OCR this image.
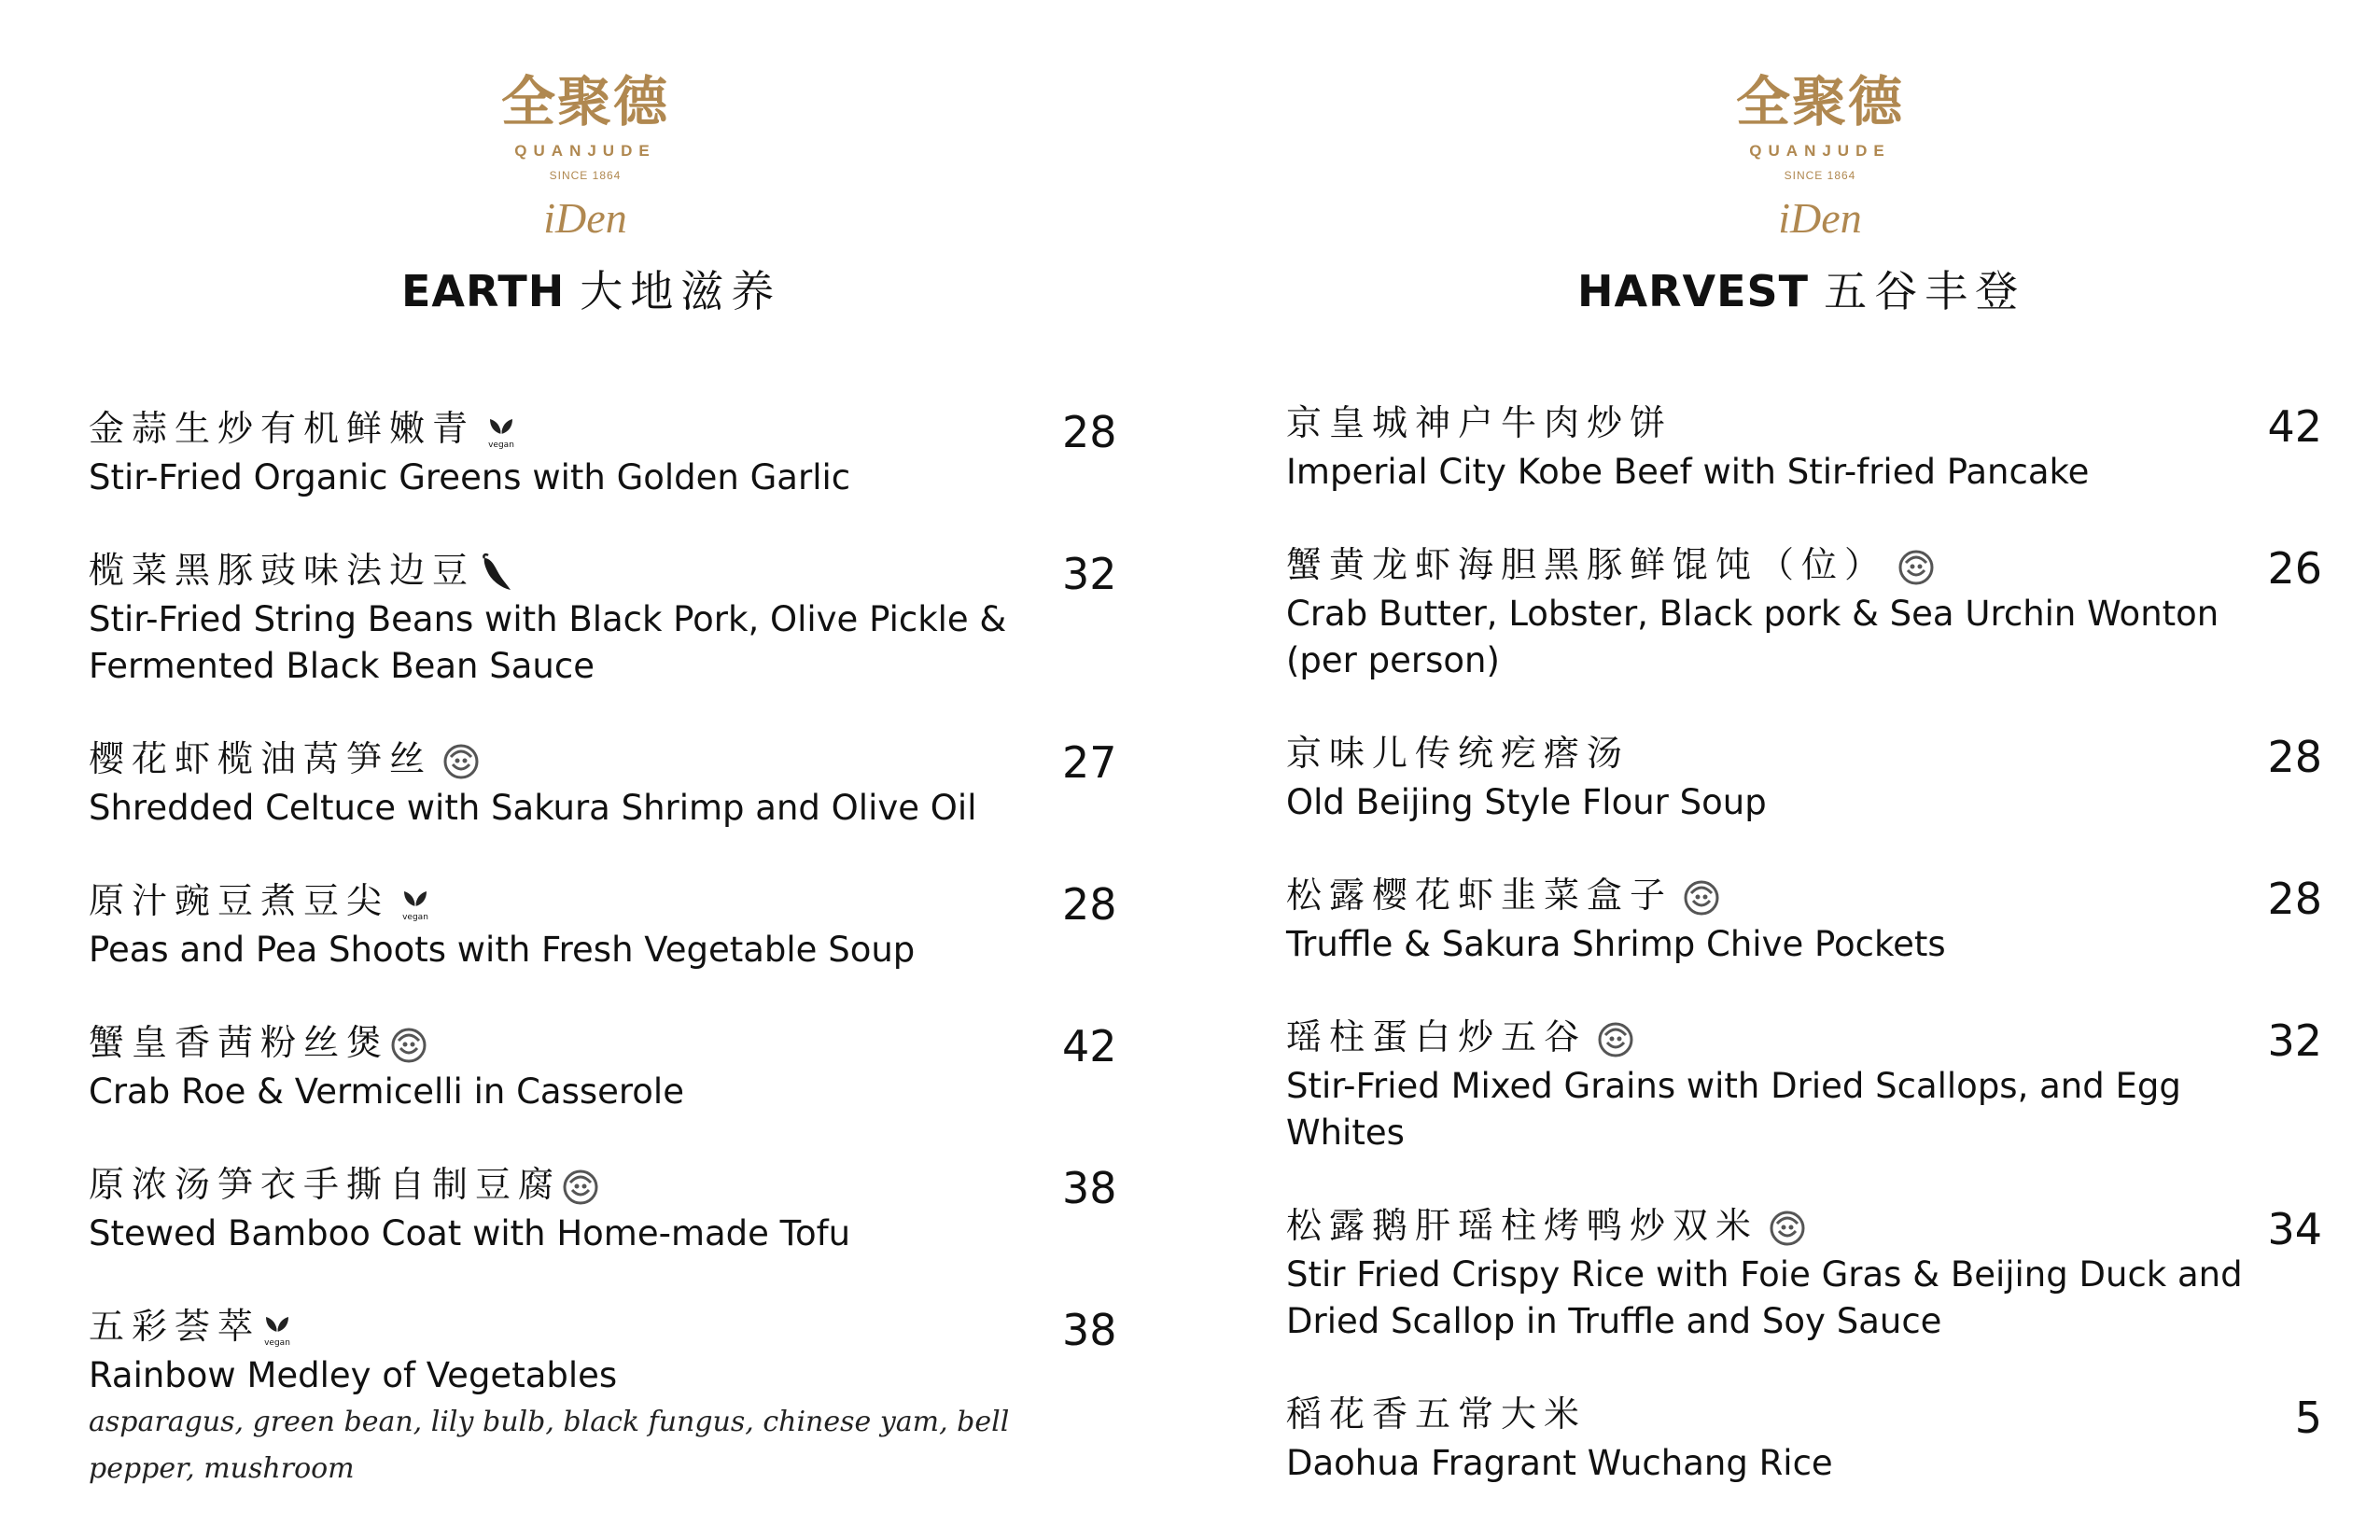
全聚德
QUANJUDE
SINCE 1864
iDen
EARTH 大地滋养
金蒜生炒有机鲜嫩青	vegan
Stir-Fried Organic Greens with Golden Garlic
28
榄菜黑豚豉味法边豆
Stir-Fried String Beans with Black Pork, Olive Pickle & Fermented Black Bean Sauce
32
樱花虾榄油莴笋丝
Shredded Celtuce with Sakura Shrimp and Olive Oil
27
原汁豌豆煮豆尖	vegan
Peas and Pea Shoots with Fresh Vegetable Soup
28
蟹皇香茜粉丝煲
Crab Roe & Vermicelli in Casserole
42
原浓汤笋衣手撕自制豆腐
Stewed Bamboo Coat with Home-made Tofu
38
五彩荟萃 vegan
Rainbow Medley of Vegetables
asparagus, green bean, lily bulb, black fungus, chinese yam, bell pepper, mushroom
38
全聚德
QUANJUDE
SINCE 1864
iDen
HARVEST 五谷丰登
京皇城神户牛肉炒饼
Imperial City Kobe Beef with Stir-fried Pancake
42
蟹黄龙虾海胆黑豚鲜馄饨（位）
Crab Butter, Lobster, Black pork & Sea Urchin Wonton (per person)
26
京味儿传统疙瘩汤
Old Beijing Style Flour Soup
28
松露樱花虾韭菜盒子
Truffle & Sakura Shrimp Chive Pockets
28
瑶柱蛋白炒五谷
Stir-Fried Mixed Grains with Dried Scallops, and Egg Whites
32
松露鹅肝瑶柱烤鸭炒双米
Stir Fried Crispy Rice with Foie Gras & Beijing Duck and Dried Scallop in Truffle and Soy Sauce
34
稻花香五常大米
Daohua Fragrant Wuchang Rice
5
